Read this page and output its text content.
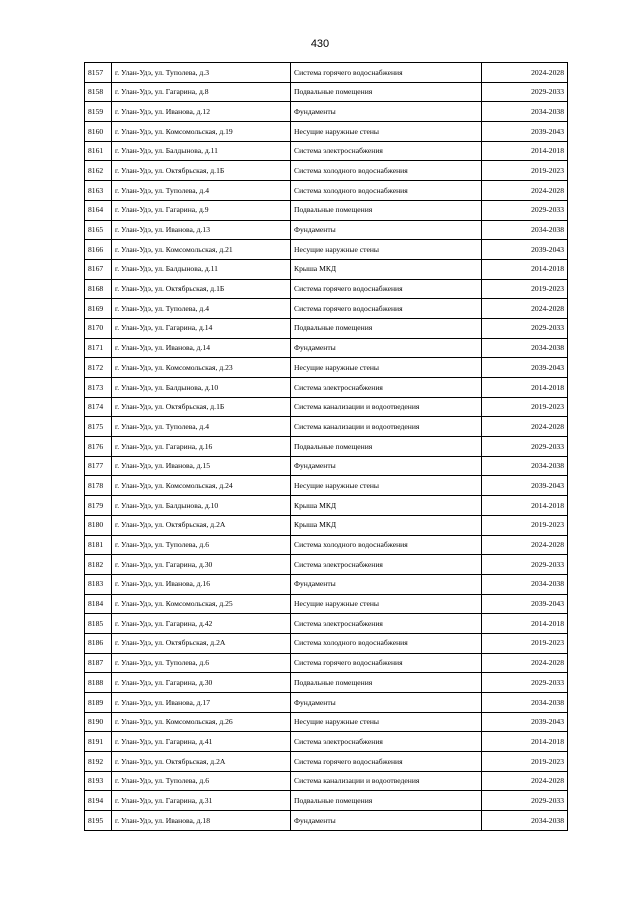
430
8157	г. Улан-Удэ, ул. Туполева, д.3	Система горячего водоснабжения	2024-2028
8158	г. Улан-Удэ, ул. Гагарина, д.8	Подвальные помещения	2029-2033
8159	г. Улан-Удэ, ул. Иванова, д.12	Фундаменты	2034-2038
8160	г. Улан-Удэ, ул. Комсомольская, д.19	Несущие наружные стены	2039-2043
8161	г. Улан-Удэ, ул. Балдынова, д.11	Система электроснабжения	2014-2018
8162	г. Улан-Удэ, ул. Октябрьская, д.1Б	Система холодного водоснабжения	2019-2023
8163	г. Улан-Удэ, ул. Туполева, д.4	Система холодного водоснабжения	2024-2028
8164	г. Улан-Удэ, ул. Гагарина, д.9	Подвальные помещения	2029-2033
8165	г. Улан-Удэ, ул. Иванова, д.13	Фундаменты	2034-2038
8166	г. Улан-Удэ, ул. Комсомольская, д.21	Несущие наружные стены	2039-2043
8167	г. Улан-Удэ, ул. Балдынова, д.11	Крыша МКД	2014-2018
8168	г. Улан-Удэ, ул. Октябрьская, д.1Б	Система горячего водоснабжения	2019-2023
8169	г. Улан-Удэ, ул. Туполева, д.4	Система горячего водоснабжения	2024-2028
8170	г. Улан-Удэ, ул. Гагарина, д.14	Подвальные помещения	2029-2033
8171	г. Улан-Удэ, ул. Иванова, д.14	Фундаменты	2034-2038
8172	г. Улан-Удэ, ул. Комсомольская, д.23	Несущие наружные стены	2039-2043
8173	г. Улан-Удэ, ул. Балдынова, д.10	Система электроснабжения	2014-2018
8174	г. Улан-Удэ, ул. Октябрьская, д.1Б	Система канализации и водоотведения	2019-2023
8175	г. Улан-Удэ, ул. Туполева, д.4	Система канализации и водоотведения	2024-2028
8176	г. Улан-Удэ, ул. Гагарина, д.16	Подвальные помещения	2029-2033
8177	г. Улан-Удэ, ул. Иванова, д.15	Фундаменты	2034-2038
8178	г. Улан-Удэ, ул. Комсомольская, д.24	Несущие наружные стены	2039-2043
8179	г. Улан-Удэ, ул. Балдынова, д.10	Крыша МКД	2014-2018
8180	г. Улан-Удэ, ул. Октябрьская, д.2А	Крыша МКД	2019-2023
8181	г. Улан-Удэ, ул. Туполева, д.6	Система холодного водоснабжения	2024-2028
8182	г. Улан-Удэ, ул. Гагарина, д.30	Система электроснабжения	2029-2033
8183	г. Улан-Удэ, ул. Иванова, д.16	Фундаменты	2034-2038
8184	г. Улан-Удэ, ул. Комсомольская, д.25	Несущие наружные стены	2039-2043
8185	г. Улан-Удэ, ул. Гагарина, д.42	Система электроснабжения	2014-2018
8186	г. Улан-Удэ, ул. Октябрьская, д.2А	Система холодного водоснабжения	2019-2023
8187	г. Улан-Удэ, ул. Туполева, д.6	Система горячего водоснабжения	2024-2028
8188	г. Улан-Удэ, ул. Гагарина, д.30	Подвальные помещения	2029-2033
8189	г. Улан-Удэ, ул. Иванова, д.17	Фундаменты	2034-2038
8190	г. Улан-Удэ, ул. Комсомольская, д.26	Несущие наружные стены	2039-2043
8191	г. Улан-Удэ, ул. Гагарина, д.41	Система электроснабжения	2014-2018
8192	г. Улан-Удэ, ул. Октябрьская, д.2А	Система горячего водоснабжения	2019-2023
8193	г. Улан-Удэ, ул. Туполева, д.6	Система канализации и водоотведения	2024-2028
8194	г. Улан-Удэ, ул. Гагарина, д.31	Подвальные помещения	2029-2033
8195	г. Улан-Удэ, ул. Иванова, д.18	Фундаменты	2034-2038
